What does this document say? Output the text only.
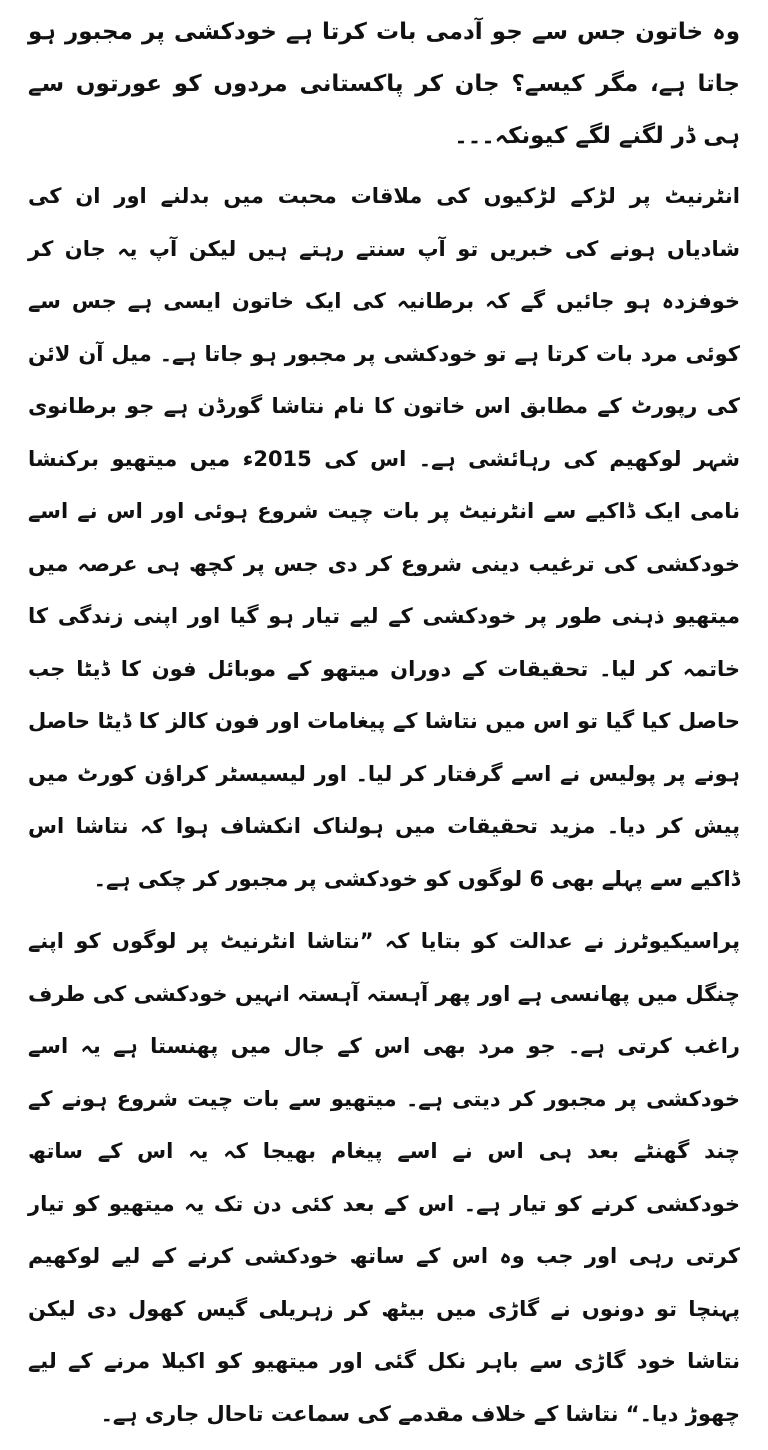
وہ خاتون جس سے جو آدمی بات کرتا ہے خودکشی پر مجبور ہو جاتا ہے، مگر کیسے؟ جان کر پاکستانی مردوں کو عورتوں سے ہی ڈر لگنے لگے کیونکہ۔۔۔

انٹرنیٹ پر لڑکے لڑکیوں کی ملاقات محبت میں بدلنے اور ان کی شادیاں ہونے کی خبریں تو آپ سنتے رہتے ہیں لیکن آپ یہ جان کر خوفزدہ ہو جائیں گے کہ برطانیہ کی ایک خاتون ایسی ہے جس سے کوئی مرد بات کرتا ہے تو خودکشی پر مجبور ہو جاتا ہے۔ میل آن لائن کی رپورٹ کے مطابق اس خاتون کا نام نتاشا گورڈن ہے جو برطانوی شہر لوکھیم کی رہائشی ہے۔ اس کی 2015ء میں میتھیو برکنشا نامی ایک ڈاکیے سے انٹرنیٹ پر بات چیت شروع ہوئی اور اس نے اسے خودکشی کی ترغیب دینی شروع کر دی جس پر کچھ ہی عرصہ میں میتھیو ذہنی طور پر خودکشی کے لیے تیار ہو گیا اور اپنی زندگی کا خاتمہ کر لیا۔ تحقیقات کے دوران میتھو کے موبائل فون کا ڈیٹا جب حاصل کیا گیا تو اس میں نتاشا کے پیغامات اور فون کالز کا ڈیٹا حاصل ہونے پر پولیس نے اسے گرفتار کر لیا۔ اور لیسیسٹر کراؤن کورٹ میں پیش کر دیا۔ مزید تحقیقات میں ہولناک انکشاف ہوا کہ نتاشا اس ڈاکیے سے پہلے بھی 6 لوگوں کو خودکشی پر مجبور کر چکی ہے۔

پراسیکیوٹرز نے عدالت کو بتایا کہ ”نتاشا انٹرنیٹ پر لوگوں کو اپنے چنگل میں پھانسی ہے اور پھر آہستہ آہستہ انہیں خودکشی کی طرف راغب کرتی ہے۔ جو مرد بھی اس کے جال میں پھنستا ہے یہ اسے خودکشی پر مجبور کر دیتی ہے۔ میتھیو سے بات چیت شروع ہونے کے چند گھنٹے بعد ہی اس نے اسے پیغام بھیجا کہ یہ اس کے ساتھ خودکشی کرنے کو تیار ہے۔ اس کے بعد کئی دن تک یہ میتھیو کو تیار کرتی رہی اور جب وہ اس کے ساتھ خودکشی کرنے کے لیے لوکھیم پہنچا تو دونوں نے گاڑی میں بیٹھ کر زہریلی گیس کھول دی لیکن نتاشا خود گاڑی سے باہر نکل گئی اور میتھیو کو اکیلا مرنے کے لیے چھوڑ دیا۔“ نتاشا کے خلاف مقدمے کی سماعت تاحال جاری ہے۔
